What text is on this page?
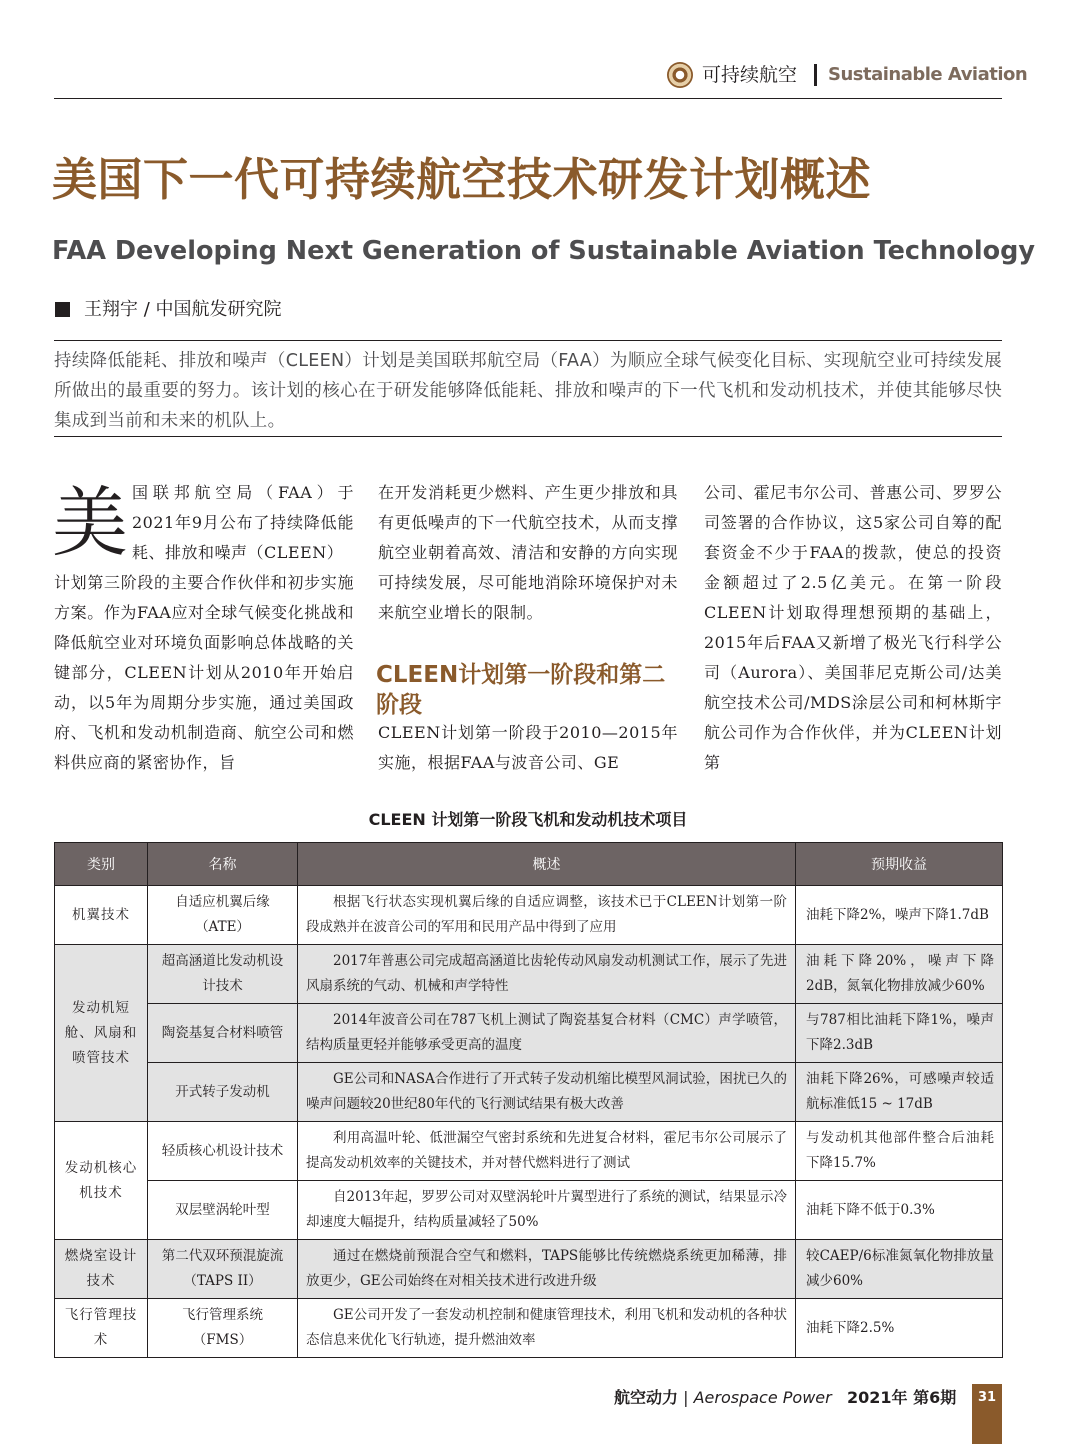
可持续航空 Sustainable Aviation
美国下一代可持续航空技术研发计划概述
FAA Developing Next Generation of Sustainable Aviation Technology
王翔宇 / 中国航发研究院
持续降低能耗、排放和噪声（CLEEN）计划是美国联邦航空局（FAA）为顺应全球气候变化目标、实现航空业可持续发展所做出的最重要的努力。该计划的核心在于研发能够降低能耗、排放和噪声的下一代飞机和发动机技术，并使其能够尽快集成到当前和未来的机队上。
美 国联邦航空局（FAA）于2021年9月公布了持续降低能耗、排放和噪声（CLEEN）
计划第三阶段的主要合作伙伴和初步实施方案。作为FAA应对全球气候变化挑战和降低航空业对环境负面影响总体战略的关键部分，CLEEN计划从2010年开始启动，以5年为周期分步实施，通过美国政府、飞机和发动机制造商、航空公司和燃料供应商的紧密协作，旨
在开发消耗更少燃料、产生更少排放和具有更低噪声的下一代航空技术，从而支撑航空业朝着高效、清洁和安静的方向实现可持续发展，尽可能地消除环境保护对未来航空业增长的限制。
CLEEN计划第一阶段和第二阶段
CLEEN计划第一阶段于2010—2015年实施，根据FAA与波音公司、GE
公司、霍尼韦尔公司、普惠公司、罗罗公司签署的合作协议，这5家公司自筹的配套资金不少于FAA的拨款，使总的投资金额超过了2.5亿美元。在第一阶段CLEEN计划取得理想预期的基础上，2015年后FAA又新增了极光飞行科学公司（Aurora）、美国菲尼克斯公司/达美航空技术公司/MDS涂层公司和柯林斯宇航公司作为合作伙伴，并为CLEEN计划第
CLEEN 计划第一阶段飞机和发动机技术项目
类别	名称	概述	预期收益
机翼技术	自适应机翼后缘（ATE）	根据飞行状态实现机翼后缘的自适应调整，该技术已于CLEEN计划第一阶段成熟并在波音公司的军用和民用产品中得到了应用	油耗下降2%，噪声下降1.7dB
发动机短舱、风扇和喷管技术	超高涵道比发动机设计技术	2017年普惠公司完成超高涵道比齿轮传动风扇发动机测试工作，展示了先进风扇系统的气动、机械和声学特性	油耗下降20%，噪声下降2dB，氮氧化物排放减少60%
	陶瓷基复合材料喷管	2014年波音公司在787飞机上测试了陶瓷基复合材料（CMC）声学喷管，结构质量更轻并能够承受更高的温度	与787相比油耗下降1%，噪声下降2.3dB
	开式转子发动机	GE公司和NASA合作进行了开式转子发动机缩比模型风洞试验，困扰已久的噪声问题较20世纪80年代的飞行测试结果有极大改善	油耗下降26%，可感噪声较适航标准低15 ~ 17dB
发动机核心机技术	轻质核心机设计技术	利用高温叶轮、低泄漏空气密封系统和先进复合材料，霍尼韦尔公司展示了提高发动机效率的关键技术，并对替代燃料进行了测试	与发动机其他部件整合后油耗下降15.7%
	双层壁涡轮叶型	自2013年起，罗罗公司对双壁涡轮叶片翼型进行了系统的测试，结果显示冷却速度大幅提升，结构质量减轻了50%	油耗下降不低于0.3%
燃烧室设计技术	第二代双环预混旋流（TAPS II）	通过在燃烧前预混合空气和燃料，TAPS能够比传统燃烧系统更加稀薄，排放更少，GE公司始终在对相关技术进行改进升级	较CAEP/6标准氮氧化物排放量减少60%
飞行管理技术	飞行管理系统（FMS）	GE公司开发了一套发动机控制和健康管理技术，利用飞机和发动机的各种状态信息来优化飞行轨迹，提升燃油效率	油耗下降2.5%
航空动力 | Aerospace Power 2021年 第6期	31
